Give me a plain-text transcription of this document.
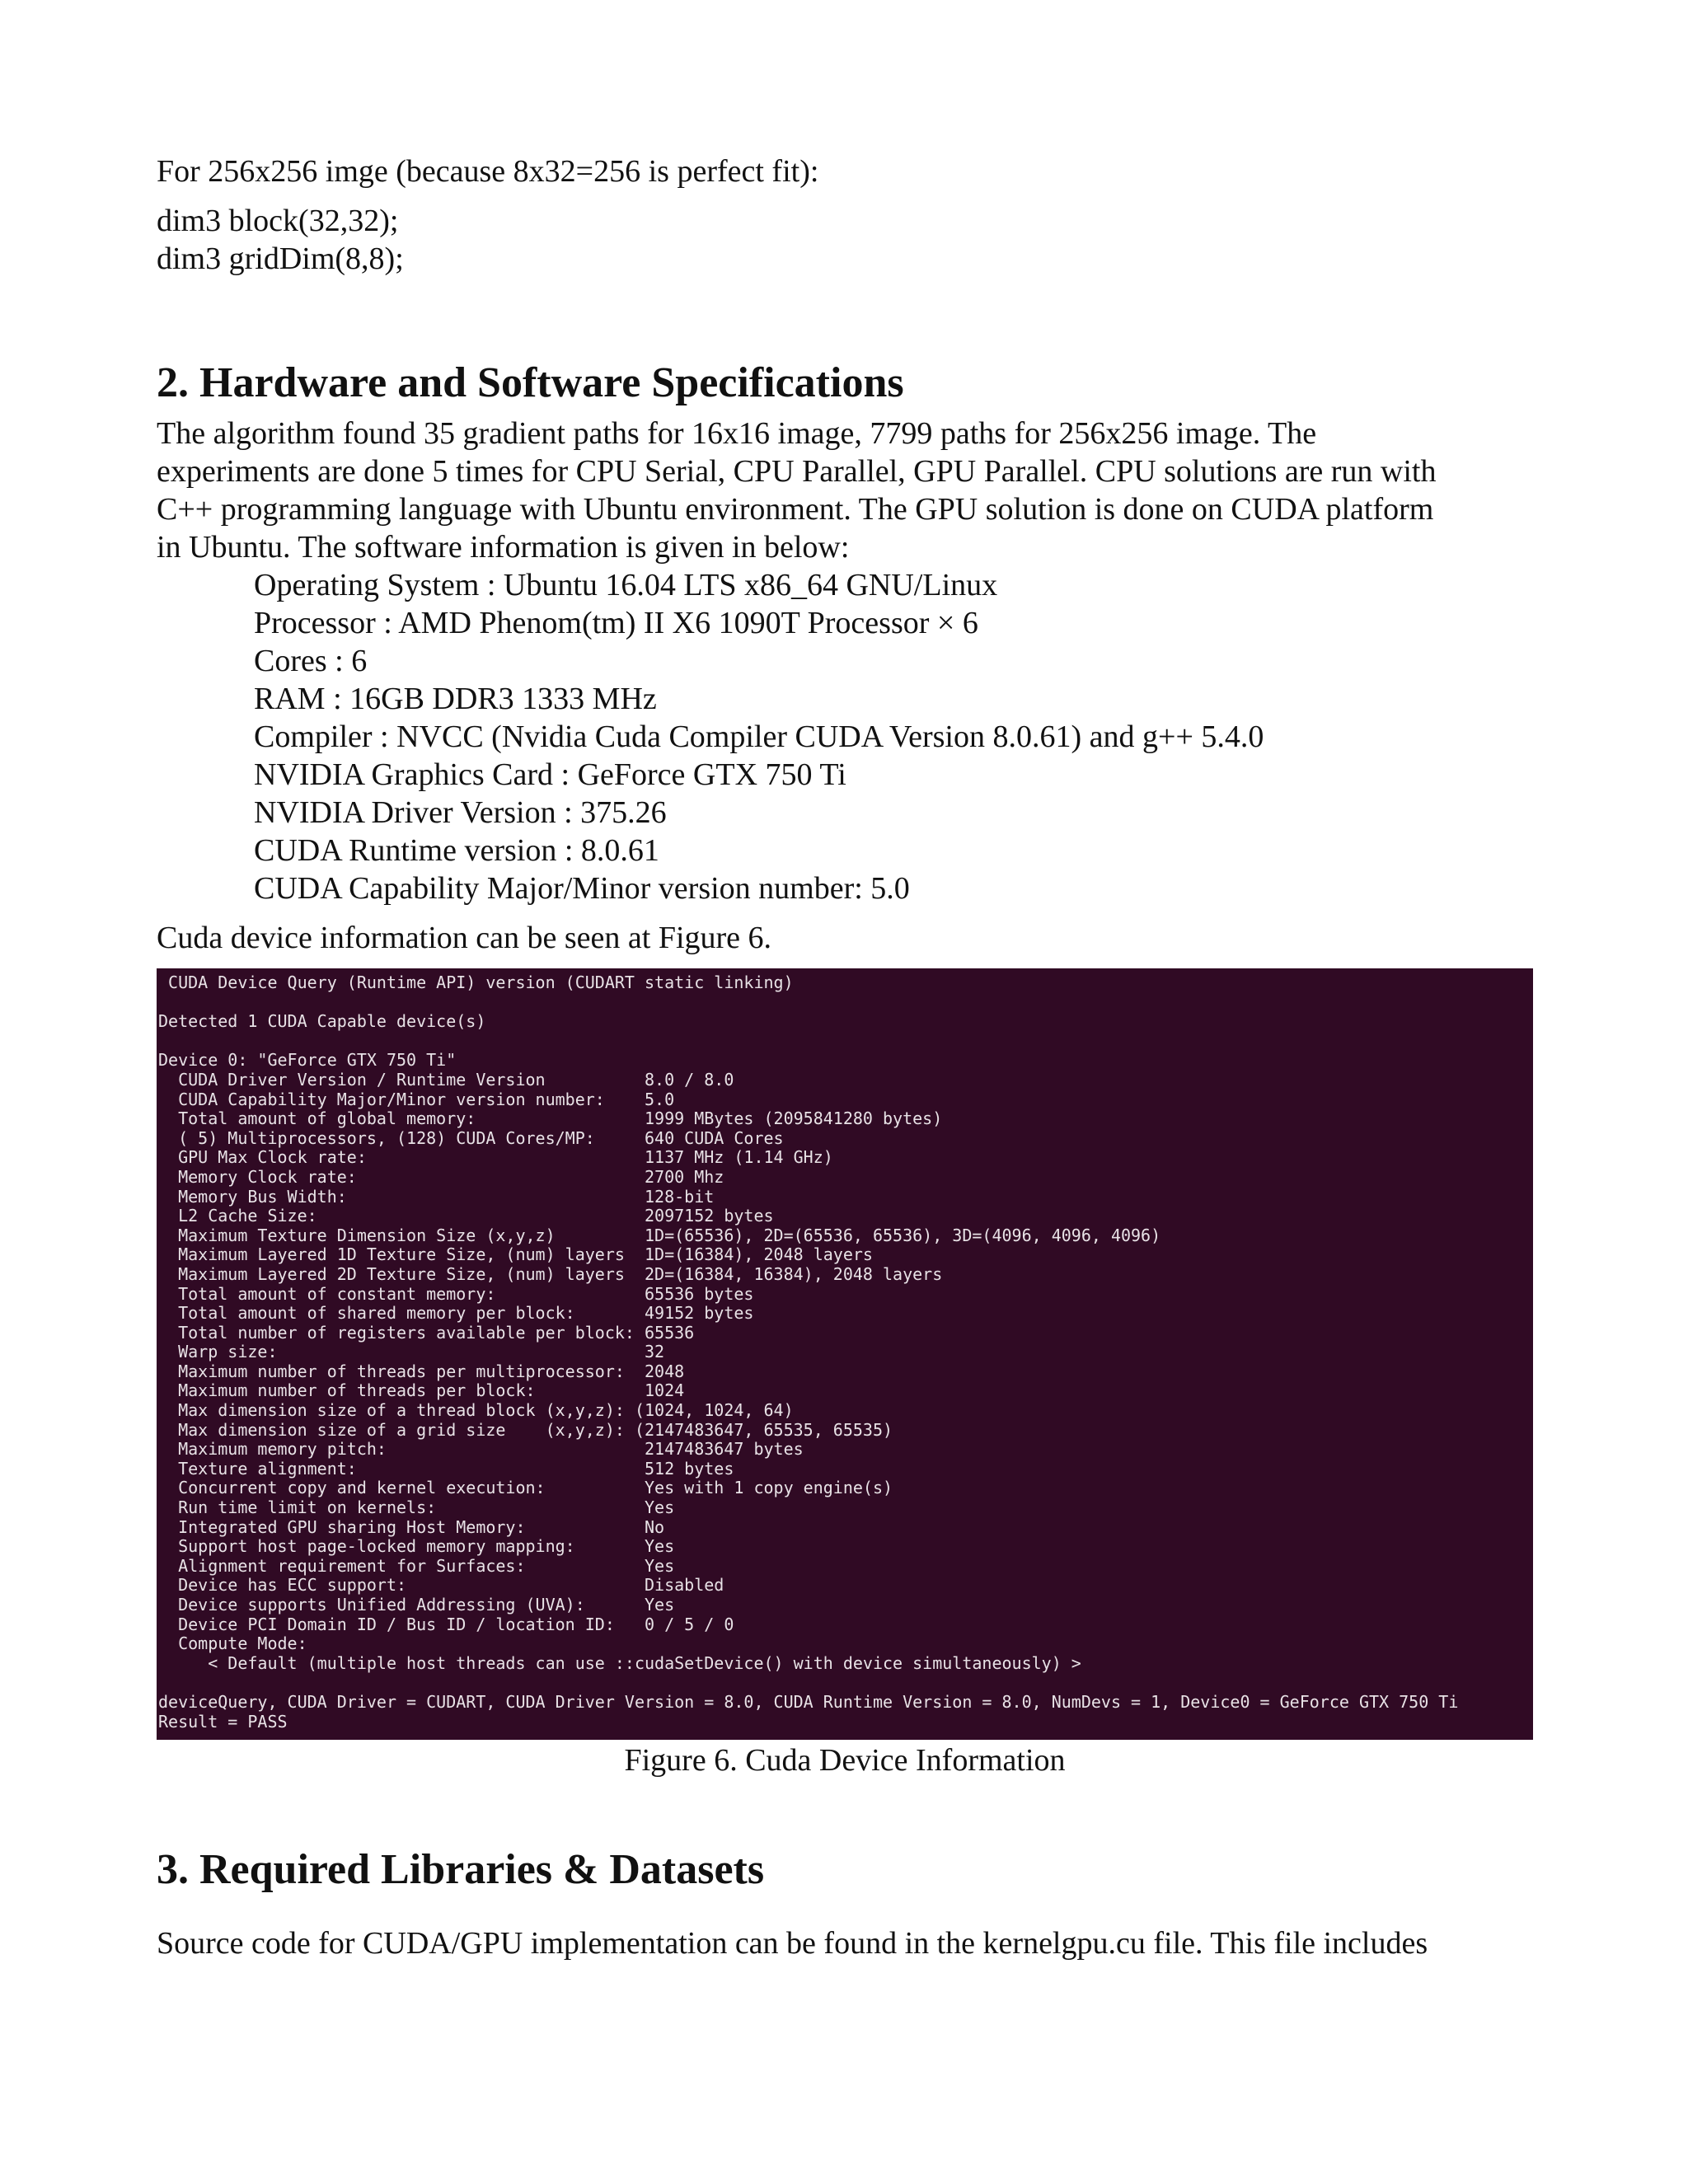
For 256x256 imge (because 8x32=256 is perfect fit):

dim3 block(32,32);
dim3 gridDim(8,8);
2. Hardware and Software Specifications

The algorithm found 35 gradient paths for 16x16 image, 7799 paths for 256x256 image. The

experiments are done 5 times for CPU Serial, CPU Parallel, GPU Parallel. CPU solutions are run with

C++ programming language with Ubuntu environment. The GPU solution is done on CUDA platform

in Ubuntu. The software information is given in below:

Operating System : Ubuntu 16.04 LTS x86_64 GNU/Linux
Processor : AMD Phenom(tm) II X6 1090T Processor × 6
Cores : 6
RAM : 16GB DDR3 1333 MHz
Compiler : NVCC (Nvidia Cuda Compiler CUDA Version 8.0.61) and g++ 5.4.0
NVIDIA Graphics Card : GeForce GTX 750 Ti
NVIDIA Driver Version : 375.26
CUDA Runtime version : 8.0.61
CUDA Capability Major/Minor version number: 5.0

Cuda device information can be seen at Figure 6.

CUDA Device Query (Runtime API) version (CUDART static linking)
Detected 1 CUDA Capable device(s)
Device 0: "GeForce GTX 750 Ti"
CUDA Driver Version / Runtime Version          8.0 / 8.0
CUDA Capability Major/Minor version number:    5.0
Total amount of global memory:                 1999 MBytes (2095841280 bytes)
( 5) Multiprocessors, (128) CUDA Cores/MP:     640 CUDA Cores
GPU Max Clock rate:                            1137 MHz (1.14 GHz)
Memory Clock rate:                             2700 Mhz
Memory Bus Width:                              128-bit
L2 Cache Size:                                 2097152 bytes
Maximum Texture Dimension Size (x,y,z)         1D=(65536), 2D=(65536, 65536), 3D=(4096, 4096, 4096)
Maximum Layered 1D Texture Size, (num) layers  1D=(16384), 2048 layers
Maximum Layered 2D Texture Size, (num) layers  2D=(16384, 16384), 2048 layers
Total amount of constant memory:               65536 bytes
Total amount of shared memory per block:       49152 bytes
Total number of registers available per block: 65536
Warp size:                                     32
Maximum number of threads per multiprocessor:  2048
Maximum number of threads per block:           1024
Max dimension size of a thread block (x,y,z): (1024, 1024, 64)
Max dimension size of a grid size    (x,y,z): (2147483647, 65535, 65535)
Maximum memory pitch:                          2147483647 bytes
Texture alignment:                             512 bytes
Concurrent copy and kernel execution:          Yes with 1 copy engine(s)
Run time limit on kernels:                     Yes
Integrated GPU sharing Host Memory:            No
Support host page-locked memory mapping:       Yes
Alignment requirement for Surfaces:            Yes
Device has ECC support:                        Disabled
Device supports Unified Addressing (UVA):      Yes
Device PCI Domain ID / Bus ID / location ID:   0 / 5 / 0
Compute Mode:
< Default (multiple host threads can use ::cudaSetDevice() with device simultaneously) >
deviceQuery, CUDA Driver = CUDART, CUDA Driver Version = 8.0, CUDA Runtime Version = 8.0, NumDevs = 1, Device0 = GeForce GTX 750 Ti
Result = PASS

Figure 6. Cuda Device Information

3. Required Libraries & Datasets

Source code for CUDA/GPU implementation can be found in the kernelgpu.cu file. This file includes
